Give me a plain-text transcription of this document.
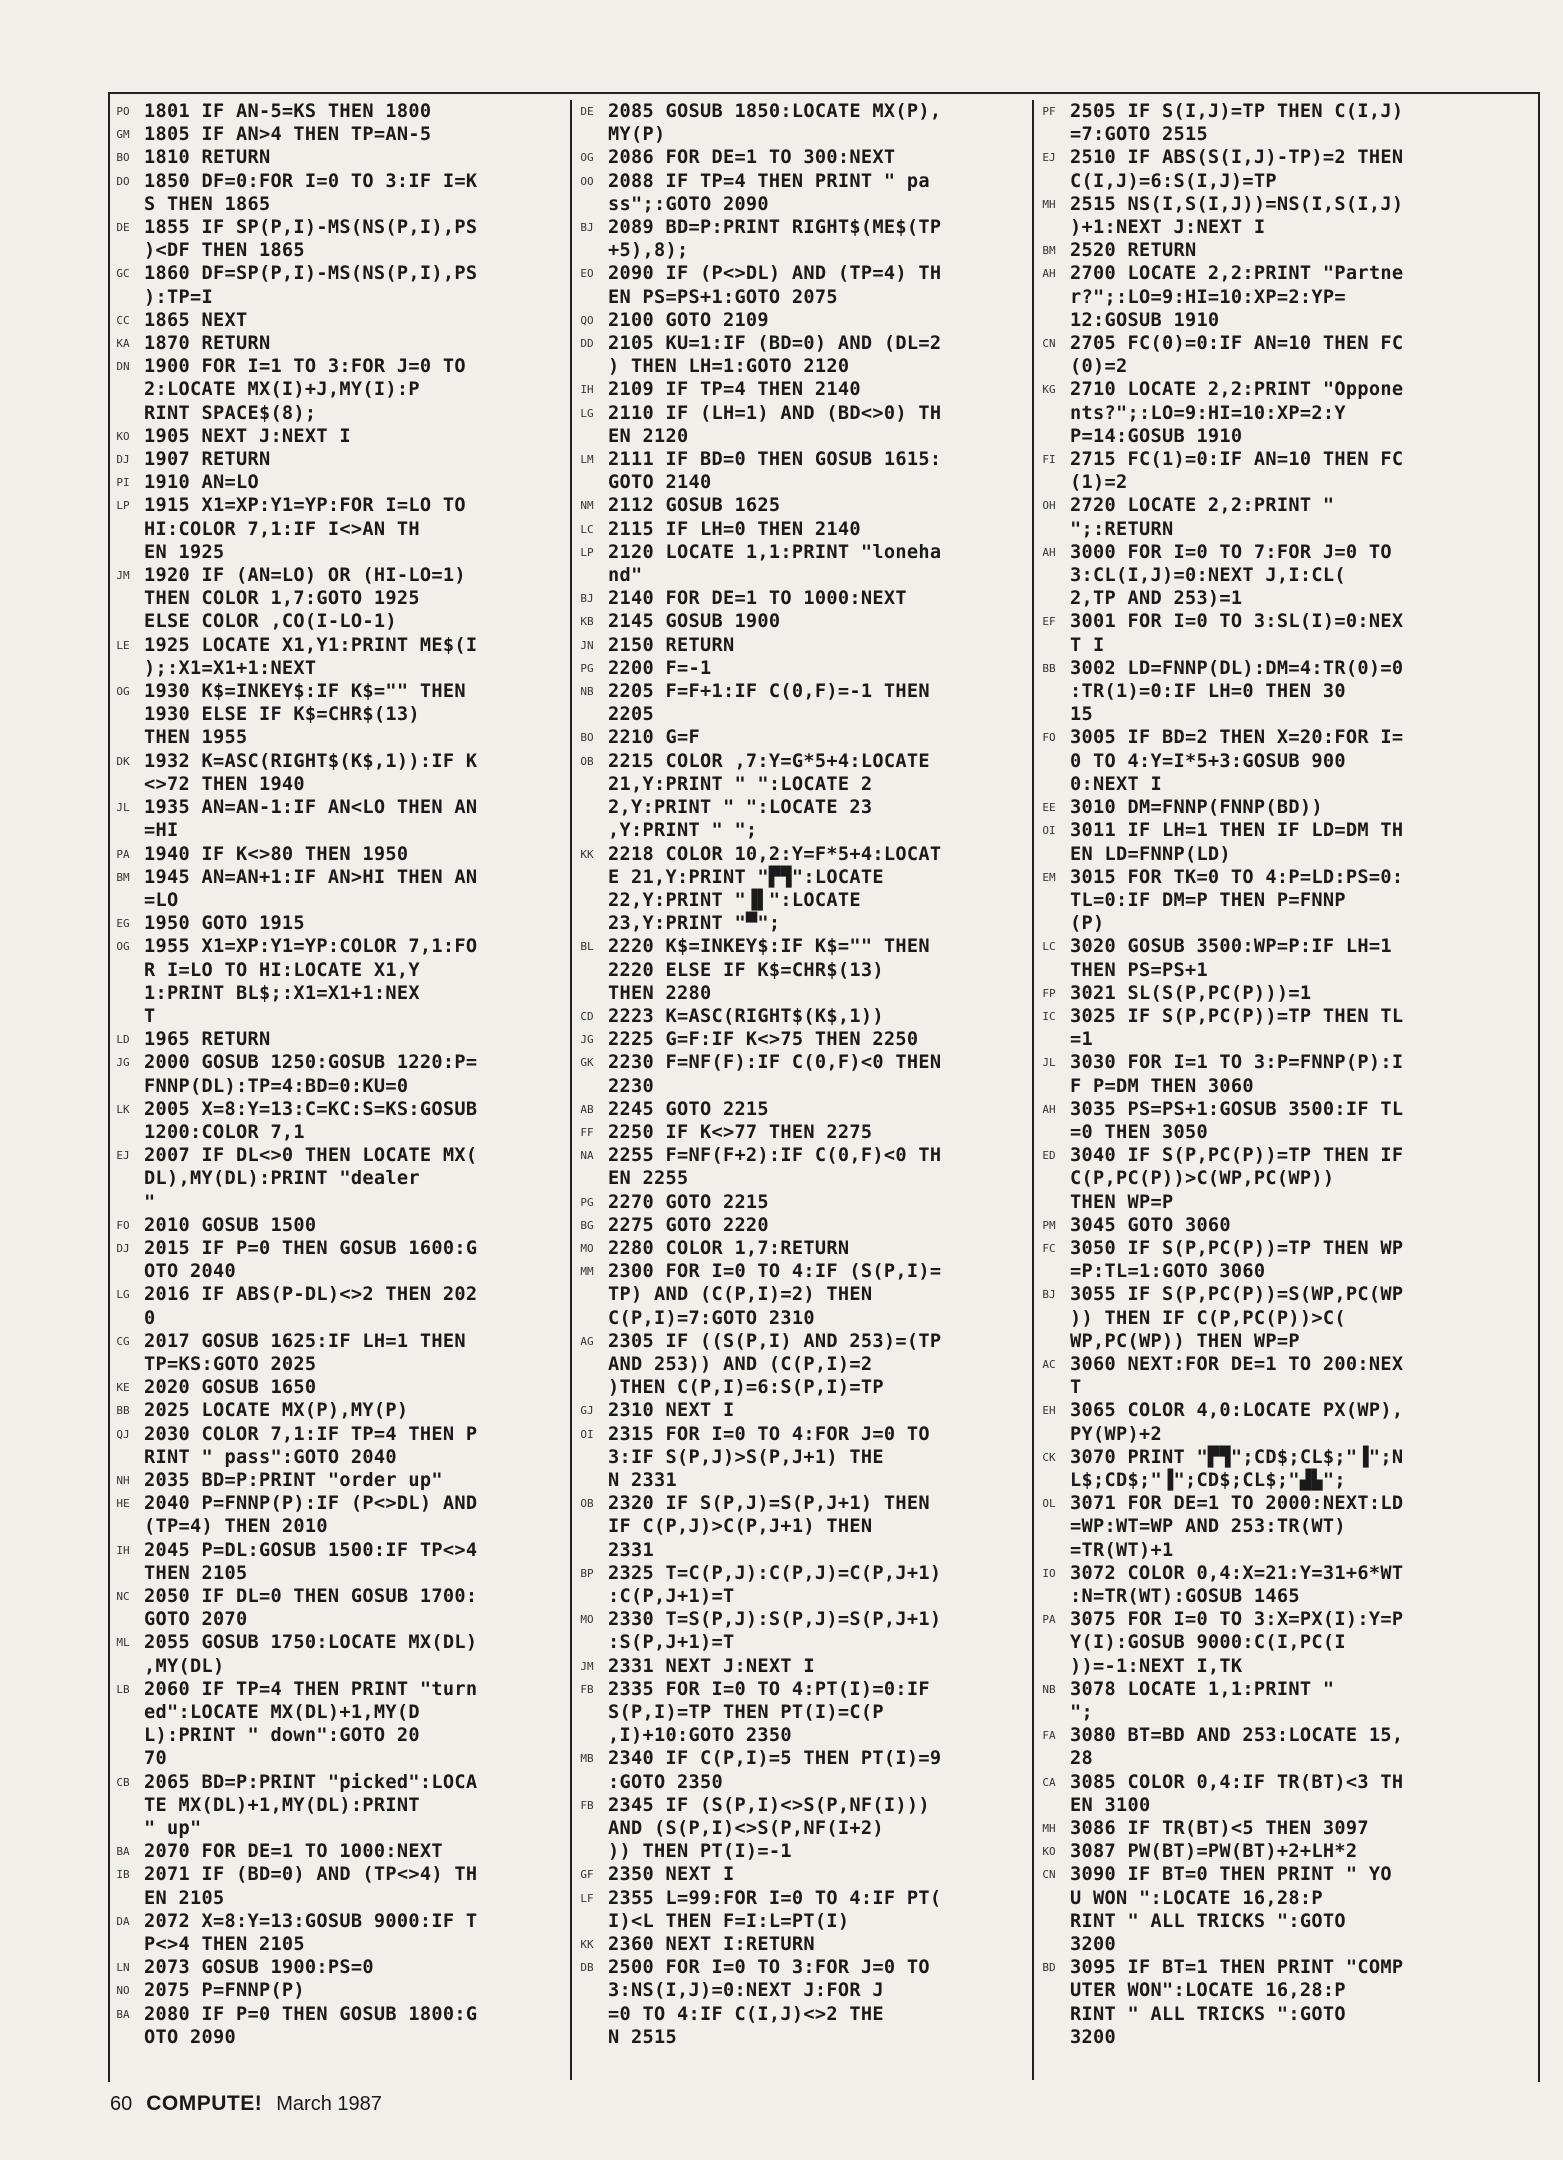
PO 1801 IF AN-5=KS THEN 1800
GM 1805 IF AN>4 THEN TP=AN-5
BO 1810 RETURN
DO 1850 DF=0:FOR I=0 TO 3:IF I=K
S THEN 1865
DE 1855 IF SP(P,I)-MS(NS(P,I),PS
)<DF THEN 1865
GC 1860 DF=SP(P,I)-MS(NS(P,I),PS
):TP=I
CC 1865 NEXT
KA 1870 RETURN
DN 1900 FOR I=1 TO 3:FOR J=0 TO
2:LOCATE MX(I)+J,MY(I):P
RINT SPACE$(8);
KO 1905 NEXT J:NEXT I
DJ 1907 RETURN
PI 1910 AN=LO
LP 1915 X1=XP:Y1=YP:FOR I=LO TO
HI:COLOR 7,1:IF I<>AN TH
EN 1925
JM 1920 IF (AN=LO) OR (HI-LO=1)
THEN COLOR 1,7:GOTO 1925
ELSE COLOR ,CO(I-LO-1)
LE 1925 LOCATE X1,Y1:PRINT ME$(I
);:X1=X1+1:NEXT
OG 1930 K$=INKEY$:IF K$="" THEN
1930 ELSE IF K$=CHR$(13)
THEN 1955
DK 1932 K=ASC(RIGHT$(K$,1)):IF K
<>72 THEN 1940
JL 1935 AN=AN-1:IF AN<LO THEN AN
=HI
PA 1940 IF K<>80 THEN 1950
BM 1945 AN=AN+1:IF AN>HI THEN AN
=LO
EG 1950 GOTO 1915
OG 1955 X1=XP:Y1=YP:COLOR 7,1:FO
R I=LO TO HI:LOCATE X1,Y
1:PRINT BL$;:X1=X1+1:NEX
T
LD 1965 RETURN
JG 2000 GOSUB 1250:GOSUB 1220:P=
FNNP(DL):TP=4:BD=0:KU=0
LK 2005 X=8:Y=13:C=KC:S=KS:GOSUB
1200:COLOR 7,1
EJ 2007 IF DL<>0 THEN LOCATE MX(
DL),MY(DL):PRINT "dealer
"
FO 2010 GOSUB 1500
DJ 2015 IF P=0 THEN GOSUB 1600:G
OTO 2040
LG 2016 IF ABS(P-DL)<>2 THEN 202
0
CG 2017 GOSUB 1625:IF LH=1 THEN
TP=KS:GOTO 2025
KE 2020 GOSUB 1650
BB 2025 LOCATE MX(P),MY(P)
QJ 2030 COLOR 7,1:IF TP=4 THEN P
RINT " pass":GOTO 2040
NH 2035 BD=P:PRINT "order up"
HE 2040 P=FNNP(P):IF (P<>DL) AND
(TP=4) THEN 2010
IH 2045 P=DL:GOSUB 1500:IF TP<>4
THEN 2105
NC 2050 IF DL=0 THEN GOSUB 1700:
GOTO 2070
ML 2055 GOSUB 1750:LOCATE MX(DL)
,MY(DL)
LB 2060 IF TP=4 THEN PRINT "turn
ed":LOCATE MX(DL)+1,MY(D
L):PRINT " down":GOTO 20
70
CB 2065 BD=P:PRINT "picked":LOCA
TE MX(DL)+1,MY(DL):PRINT
" up"
BA 2070 FOR DE=1 TO 1000:NEXT
IB 2071 IF (BD=0) AND (TP<>4) TH
EN 2105
DA 2072 X=8:Y=13:GOSUB 9000:IF T
P<>4 THEN 2105
LN 2073 GOSUB 1900:PS=0
NO 2075 P=FNNP(P)
BA 2080 IF P=0 THEN GOSUB 1800:G
OTO 2090
DE 2085 GOSUB 1850:LOCATE MX(P),
MY(P)
OG 2086 FOR DE=1 TO 300:NEXT
OO 2088 IF TP=4 THEN PRINT " pa
ss";:GOTO 2090
BJ 2089 BD=P:PRINT RIGHT$(ME$(TP
+5),8);
EO 2090 IF (P<>DL) AND (TP=4) TH
EN PS=PS+1:GOTO 2075
QO 2100 GOTO 2109
DD 2105 KU=1:IF (BD=0) AND (DL=2
) THEN LH=1:GOTO 2120
IH 2109 IF TP=4 THEN 2140
LG 2110 IF (LH=1) AND (BD<>0) TH
EN 2120
LM 2111 IF BD=0 THEN GOSUB 1615:
GOTO 2140
NM 2112 GOSUB 1625
LC 2115 IF LH=0 THEN 2140
LP 2120 LOCATE 1,1:PRINT "loneha
nd"
BJ 2140 FOR DE=1 TO 1000:NEXT
KB 2145 GOSUB 1900
JN 2150 RETURN
PG 2200 F=-1
NB 2205 F=F+1:IF C(0,F)=-1 THEN
2205
BO 2210 G=F
OB 2215 COLOR ,7:Y=G*5+4:LOCATE
21,Y:PRINT " ":LOCATE 2
2,Y:PRINT " ":LOCATE 23
,Y:PRINT " ";
KK 2218 COLOR 10,2:Y=F*5+4:LOCAT
E 21,Y:PRINT "▛▜":LOCATE
22,Y:PRINT "▐▌":LOCATE
23,Y:PRINT "▀";
BL 2220 K$=INKEY$:IF K$="" THEN
2220 ELSE IF K$=CHR$(13)
THEN 2280
CD 2223 K=ASC(RIGHT$(K$,1))
JG 2225 G=F:IF K<>75 THEN 2250
GK 2230 F=NF(F):IF C(0,F)<0 THEN
2230
AB 2245 GOTO 2215
FF 2250 IF K<>77 THEN 2275
NA 2255 F=NF(F+2):IF C(0,F)<0 TH
EN 2255
PG 2270 GOTO 2215
BG 2275 GOTO 2220
MO 2280 COLOR 1,7:RETURN
MM 2300 FOR I=0 TO 4:IF (S(P,I)=
TP) AND (C(P,I)=2) THEN
C(P,I)=7:GOTO 2310
AG 2305 IF ((S(P,I) AND 253)=(TP
AND 253)) AND (C(P,I)=2
)THEN C(P,I)=6:S(P,I)=TP
GJ 2310 NEXT I
OI 2315 FOR I=0 TO 4:FOR J=0 TO
3:IF S(P,J)>S(P,J+1) THE
N 2331
OB 2320 IF S(P,J)=S(P,J+1) THEN
IF C(P,J)>C(P,J+1) THEN
2331
BP 2325 T=C(P,J):C(P,J)=C(P,J+1)
:C(P,J+1)=T
MO 2330 T=S(P,J):S(P,J)=S(P,J+1)
:S(P,J+1)=T
JM 2331 NEXT J:NEXT I
FB 2335 FOR I=0 TO 4:PT(I)=0:IF
S(P,I)=TP THEN PT(I)=C(P
,I)+10:GOTO 2350
MB 2340 IF C(P,I)=5 THEN PT(I)=9
:GOTO 2350
FB 2345 IF (S(P,I)<>S(P,NF(I)))
AND (S(P,I)<>S(P,NF(I+2)
)) THEN PT(I)=-1
GF 2350 NEXT I
LF 2355 L=99:FOR I=0 TO 4:IF PT(
I)<L THEN F=I:L=PT(I)
KK 2360 NEXT I:RETURN
DB 2500 FOR I=0 TO 3:FOR J=0 TO
3:NS(I,J)=0:NEXT J:FOR J
=0 TO 4:IF C(I,J)<>2 THE
N 2515
PF 2505 IF S(I,J)=TP THEN C(I,J)
=7:GOTO 2515
EJ 2510 IF ABS(S(I,J)-TP)=2 THEN
C(I,J)=6:S(I,J)=TP
MH 2515 NS(I,S(I,J))=NS(I,S(I,J)
)+1:NEXT J:NEXT I
BM 2520 RETURN
AH 2700 LOCATE 2,2:PRINT "Partne
r?";:LO=9:HI=10:XP=2:YP=
12:GOSUB 1910
CN 2705 FC(0)=0:IF AN=10 THEN FC
(0)=2
KG 2710 LOCATE 2,2:PRINT "Oppone
nts?";:LO=9:HI=10:XP=2:Y
P=14:GOSUB 1910
FI 2715 FC(1)=0:IF AN=10 THEN FC
(1)=2
OH 2720 LOCATE 2,2:PRINT "
";:RETURN
AH 3000 FOR I=0 TO 7:FOR J=0 TO
3:CL(I,J)=0:NEXT J,I:CL(
2,TP AND 253)=1
EF 3001 FOR I=0 TO 3:SL(I)=0:NEX
T I
BB 3002 LD=FNNP(DL):DM=4:TR(0)=0
:TR(1)=0:IF LH=0 THEN 30
15
FO 3005 IF BD=2 THEN X=20:FOR I=
0 TO 4:Y=I*5+3:GOSUB 900
0:NEXT I
EE 3010 DM=FNNP(FNNP(BD))
OI 3011 IF LH=1 THEN IF LD=DM TH
EN LD=FNNP(LD)
EM 3015 FOR TK=0 TO 4:P=LD:PS=0:
TL=0:IF DM=P THEN P=FNNP
(P)
LC 3020 GOSUB 3500:WP=P:IF LH=1
THEN PS=PS+1
FP 3021 SL(S(P,PC(P)))=1
IC 3025 IF S(P,PC(P))=TP THEN TL
=1
JL 3030 FOR I=1 TO 3:P=FNNP(P):I
F P=DM THEN 3060
AH 3035 PS=PS+1:GOSUB 3500:IF TL
=0 THEN 3050
ED 3040 IF S(P,PC(P))=TP THEN IF
C(P,PC(P))>C(WP,PC(WP))
THEN WP=P
PM 3045 GOTO 3060
FC 3050 IF S(P,PC(P))=TP THEN WP
=P:TL=1:GOTO 3060
BJ 3055 IF S(P,PC(P))=S(WP,PC(WP
)) THEN IF C(P,PC(P))>C(
WP,PC(WP)) THEN WP=P
AC 3060 NEXT:FOR DE=1 TO 200:NEX
T
EH 3065 COLOR 4,0:LOCATE PX(WP),
PY(WP)+2
CK 3070 PRINT "▛▜";CD$;CL$;"▐";N
L$;CD$;"▐";CD$;CL$;"▟▙";
OL 3071 FOR DE=1 TO 2000:NEXT:LD
=WP:WT=WP AND 253:TR(WT)
=TR(WT)+1
IO 3072 COLOR 0,4:X=21:Y=31+6*WT
:N=TR(WT):GOSUB 1465
PA 3075 FOR I=0 TO 3:X=PX(I):Y=P
Y(I):GOSUB 9000:C(I,PC(I
))=-1:NEXT I,TK
NB 3078 LOCATE 1,1:PRINT "
";
FA 3080 BT=BD AND 253:LOCATE 15,
28
CA 3085 COLOR 0,4:IF TR(BT)<3 TH
EN 3100
MH 3086 IF TR(BT)<5 THEN 3097
KO 3087 PW(BT)=PW(BT)+2+LH*2
CN 3090 IF BT=0 THEN PRINT " YO
U WON ":LOCATE 16,28:P
RINT " ALL TRICKS ":GOTO
3200
BD 3095 IF BT=1 THEN PRINT "COMP
UTER WON":LOCATE 16,28:P
RINT " ALL TRICKS ":GOTO
3200
60 COMPUTE! March 1987
